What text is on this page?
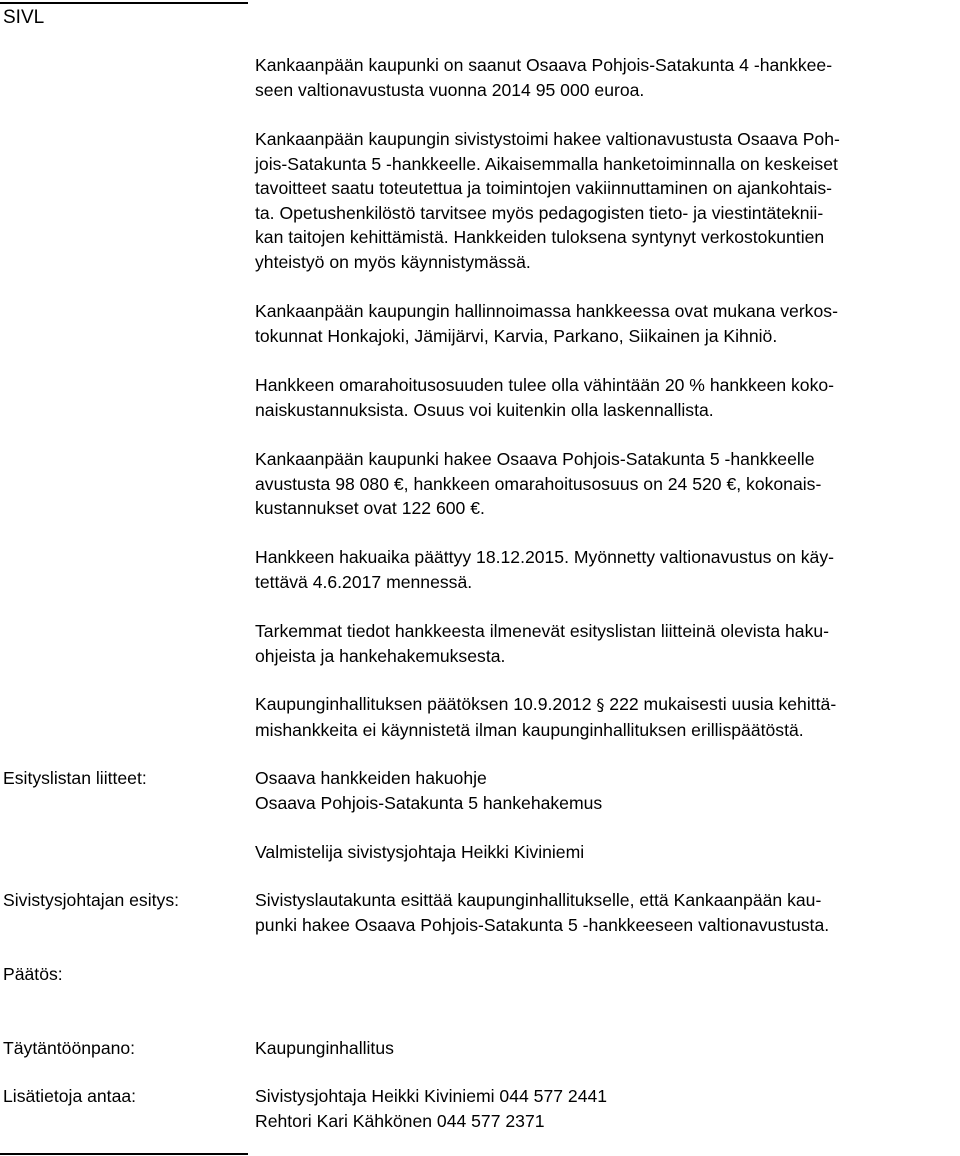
SIVL
Kankaanpään kaupunki on saanut Osaava Pohjois-Satakunta 4 -hankkee-
seen valtionavustusta vuonna 2014 95 000 euroa.
Kankaanpään kaupungin sivistystoimi hakee valtionavustusta Osaava Poh-
jois-Satakunta 5 -hankkeelle. Aikaisemmalla hanketoiminnalla on keskeiset
tavoitteet saatu toteutettua ja toimintojen vakiinnuttaminen on ajankohtais-
ta. Opetushenkilöstö tarvitsee myös pedagogisten tieto- ja viestintäteknii-
kan taitojen kehittämistä. Hankkeiden tuloksena syntynyt verkostokuntien
yhteistyö on myös käynnistymässä.
Kankaanpään kaupungin hallinnoimassa hankkeessa ovat mukana verkos-
tokunnat Honkajoki, Jämijärvi, Karvia, Parkano, Siikainen ja Kihniö.
Hankkeen omarahoitusosuuden tulee olla vähintään 20 % hankkeen koko-
naiskustannuksista. Osuus voi kuitenkin olla laskennallista.
Kankaanpään kaupunki hakee Osaava Pohjois-Satakunta 5 -hankkeelle
avustusta 98 080 €, hankkeen omarahoitusosuus on 24 520 €, kokonais-
kustannukset ovat 122 600 €.
Hankkeen hakuaika päättyy 18.12.2015. Myönnetty valtionavustus on käy-
tettävä 4.6.2017 mennessä.
Tarkemmat tiedot hankkeesta ilmenevät esityslistan liitteinä olevista haku-
ohjeista ja hankehakemuksesta.
Kaupunginhallituksen päätöksen 10.9.2012 § 222 mukaisesti uusia kehittä-
mishankkeita ei käynnistetä ilman kaupunginhallituksen erillispäätöstä.
Esityslistan liitteet:	Osaava hankkeiden hakuohje
Osaava Pohjois-Satakunta 5 hankehakemus
Valmistelija sivistysjohtaja Heikki Kiviniemi
Sivistysjohtajan esitys:	Sivistyslautakunta esittää kaupunginhallitukselle, että Kankaanpään kau-
punki hakee Osaava Pohjois-Satakunta 5 -hankkeeseen valtionavustusta.
Päätös:
Täytäntöönpano:	Kaupunginhallitus
Lisätietoja antaa:	Sivistysjohtaja Heikki Kiviniemi 044 577 2441
Rehtori Kari Kähkönen 044 577 2371
